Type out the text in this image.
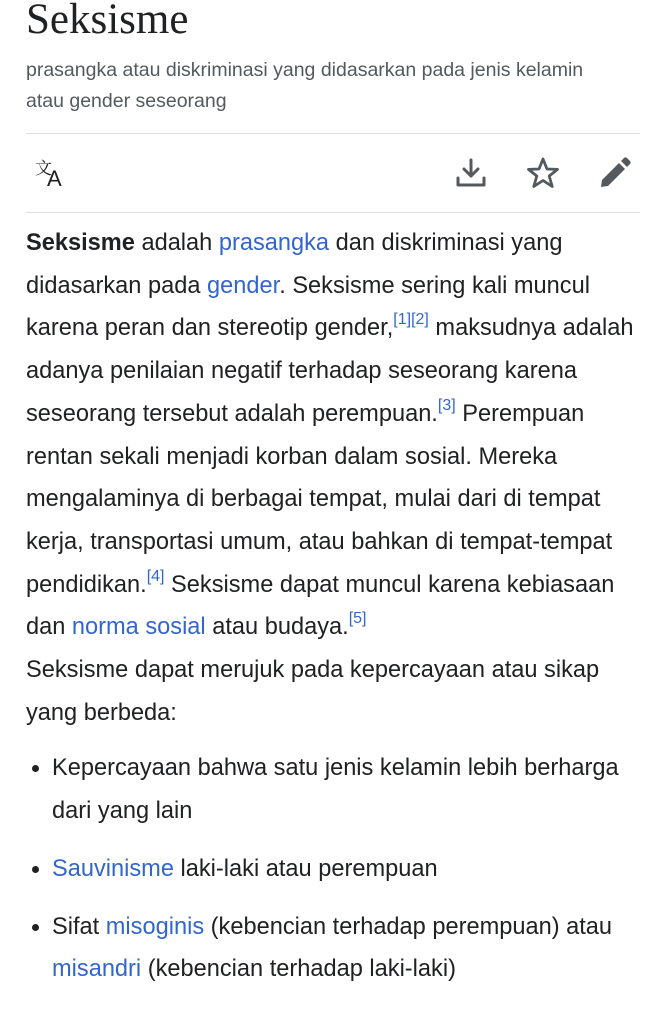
Seksisme
prasangka atau diskriminasi yang didasarkan pada jenis kelamin atau gender seseorang
文
A

Seksisme adalah prasangka dan diskriminasi yang didasarkan pada gender. Seksisme sering kali muncul karena peran dan stereotip gender,[1][2] maksudnya adalah adanya penilaian negatif terhadap seseorang karena seseorang tersebut adalah perempuan.[3] Perempuan rentan sekali menjadi korban dalam sosial. Mereka mengalaminya di berbagai tempat, mulai dari di tempat kerja, transportasi umum, atau bahkan di tempat-tempat pendidikan.[4] Seksisme dapat muncul karena kebiasaan dan norma sosial atau budaya.[5]

Seksisme dapat merujuk pada kepercayaan atau sikap yang berbeda:

Kepercayaan bahwa satu jenis kelamin lebih berharga dari yang lain
Sauvinisme laki-laki atau perempuan
Sifat misoginis (kebencian terhadap perempuan) atau misandri (kebencian terhadap laki-laki)
